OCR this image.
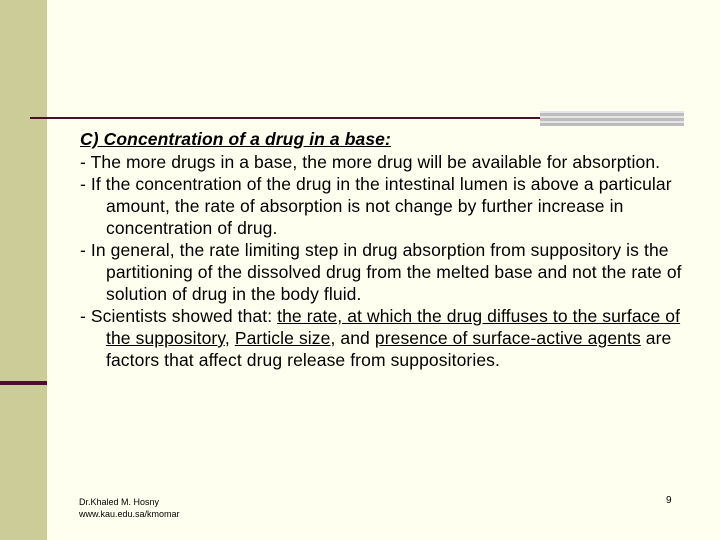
C) Concentration of a drug in a base:

- The more drugs in a base, the more drug will be available for absorption.

- If the concentration of the drug in the intestinal lumen is above a particular amount, the rate of absorption is not change by further increase in concentration of drug.

- In general, the rate limiting step in drug absorption from suppository is the partitioning of the dissolved drug from the melted base and not the rate of solution of drug in the body fluid.

- Scientists showed that: the rate, at which the drug diffuses to the surface of the suppository, Particle size, and presence of surface-active agents are factors that affect drug release from suppositories.

Dr.Khaled M. Hosny
www.kau.edu.sa/kmomar
9
